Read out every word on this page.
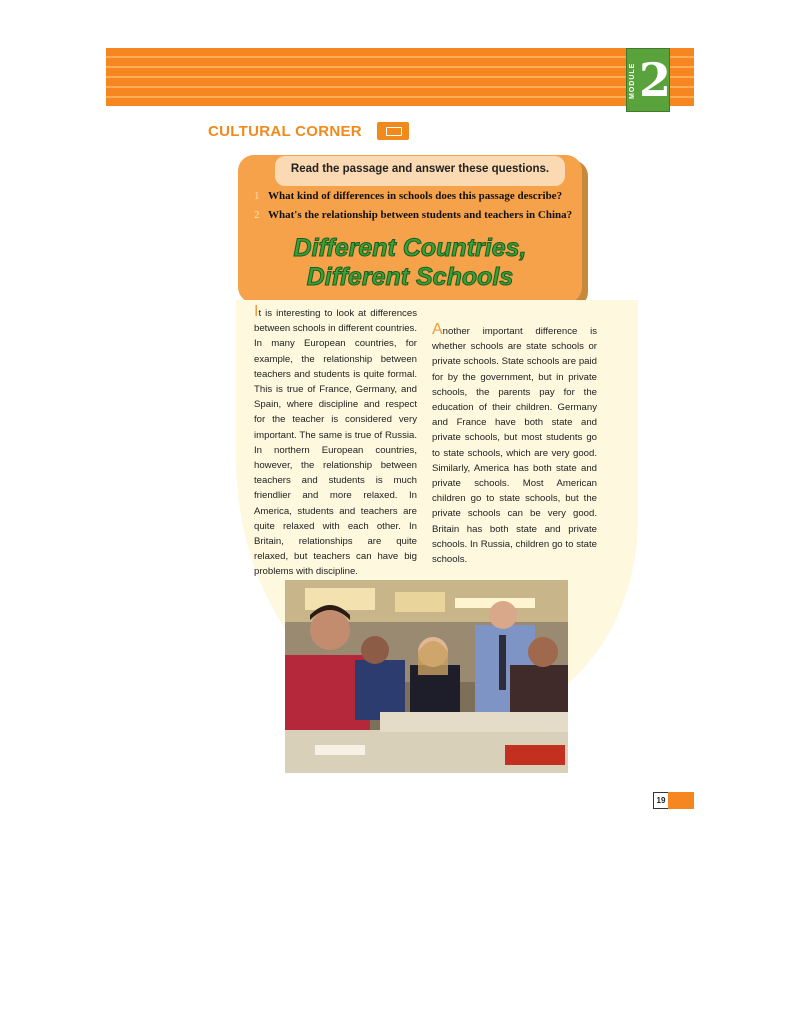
MODULE 2
CULTURAL CORNER
Read the passage and answer these questions.
1 What kind of differences in schools does this passage describe?
2 What's the relationship between students and teachers in China?
Different Countries,
Different Schools

It is interesting to look at differences between schools in different countries. In many European countries, for example, the relationship between teachers and students is quite formal. This is true of France, Germany, and Spain, where discipline and respect for the teacher is considered very important. The same is true of Russia. In northern European countries, however, the relationship between teachers and students is much friendlier and more relaxed. In America, students and teachers are quite relaxed with each other. In Britain, relationships are quite relaxed, but teachers can have big problems with discipline.

Another important difference is whether schools are state schools or private schools. State schools are paid for by the government, but in private schools, the parents pay for the education of their children. Germany and France have both state and private schools, but most students go to state schools, which are very good. Similarly, America has both state and private schools. Most American children go to state schools, but the private schools can be very good. Britain has both state and private schools. In Russia, children go to state schools.

19
